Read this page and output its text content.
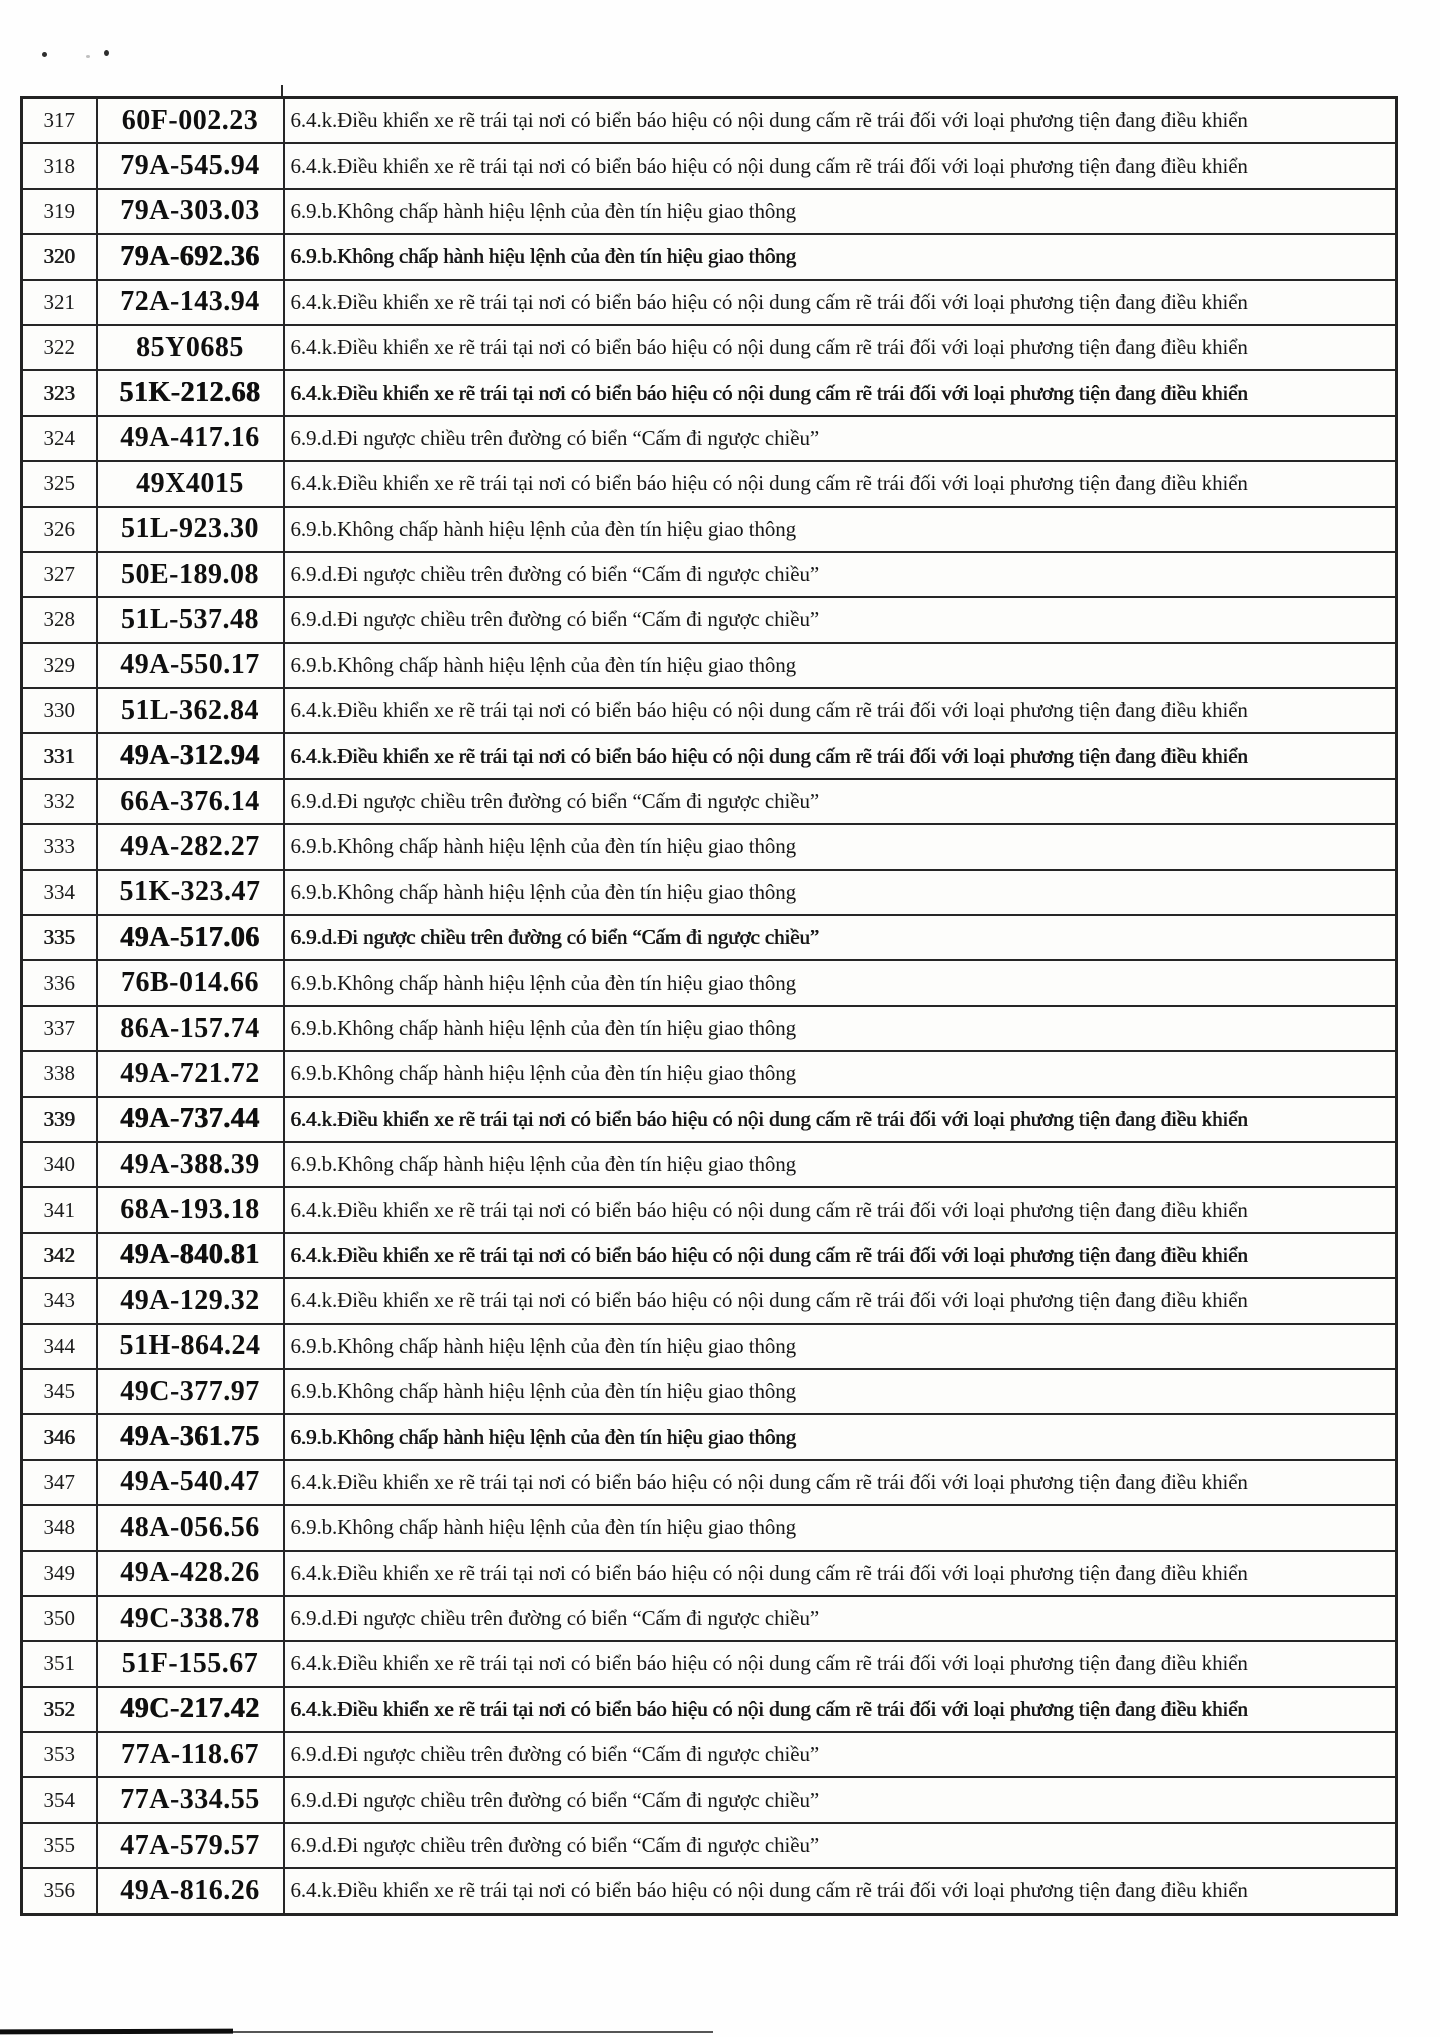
317	60F-002.23	6.4.k.Điều khiển xe rẽ trái tại nơi có biển báo hiệu có nội dung cấm rẽ trái đối với loại phương tiện đang điều khiển
318	79A-545.94	6.4.k.Điều khiển xe rẽ trái tại nơi có biển báo hiệu có nội dung cấm rẽ trái đối với loại phương tiện đang điều khiển
319	79A-303.03	6.9.b.Không chấp hành hiệu lệnh của đèn tín hiệu giao thông
320	79A-692.36	6.9.b.Không chấp hành hiệu lệnh của đèn tín hiệu giao thông
321	72A-143.94	6.4.k.Điều khiển xe rẽ trái tại nơi có biển báo hiệu có nội dung cấm rẽ trái đối với loại phương tiện đang điều khiển
322	85Y0685	6.4.k.Điều khiển xe rẽ trái tại nơi có biển báo hiệu có nội dung cấm rẽ trái đối với loại phương tiện đang điều khiển
323	51K-212.68	6.4.k.Điều khiển xe rẽ trái tại nơi có biển báo hiệu có nội dung cấm rẽ trái đối với loại phương tiện đang điều khiển
324	49A-417.16	6.9.d.Đi ngược chiều trên đường có biển “Cấm đi ngược chiều”
325	49X4015	6.4.k.Điều khiển xe rẽ trái tại nơi có biển báo hiệu có nội dung cấm rẽ trái đối với loại phương tiện đang điều khiển
326	51L-923.30	6.9.b.Không chấp hành hiệu lệnh của đèn tín hiệu giao thông
327	50E-189.08	6.9.d.Đi ngược chiều trên đường có biển “Cấm đi ngược chiều”
328	51L-537.48	6.9.d.Đi ngược chiều trên đường có biển “Cấm đi ngược chiều”
329	49A-550.17	6.9.b.Không chấp hành hiệu lệnh của đèn tín hiệu giao thông
330	51L-362.84	6.4.k.Điều khiển xe rẽ trái tại nơi có biển báo hiệu có nội dung cấm rẽ trái đối với loại phương tiện đang điều khiển
331	49A-312.94	6.4.k.Điều khiển xe rẽ trái tại nơi có biển báo hiệu có nội dung cấm rẽ trái đối với loại phương tiện đang điều khiển
332	66A-376.14	6.9.d.Đi ngược chiều trên đường có biển “Cấm đi ngược chiều”
333	49A-282.27	6.9.b.Không chấp hành hiệu lệnh của đèn tín hiệu giao thông
334	51K-323.47	6.9.b.Không chấp hành hiệu lệnh của đèn tín hiệu giao thông
335	49A-517.06	6.9.d.Đi ngược chiều trên đường có biển “Cấm đi ngược chiều”
336	76B-014.66	6.9.b.Không chấp hành hiệu lệnh của đèn tín hiệu giao thông
337	86A-157.74	6.9.b.Không chấp hành hiệu lệnh của đèn tín hiệu giao thông
338	49A-721.72	6.9.b.Không chấp hành hiệu lệnh của đèn tín hiệu giao thông
339	49A-737.44	6.4.k.Điều khiển xe rẽ trái tại nơi có biển báo hiệu có nội dung cấm rẽ trái đối với loại phương tiện đang điều khiển
340	49A-388.39	6.9.b.Không chấp hành hiệu lệnh của đèn tín hiệu giao thông
341	68A-193.18	6.4.k.Điều khiển xe rẽ trái tại nơi có biển báo hiệu có nội dung cấm rẽ trái đối với loại phương tiện đang điều khiển
342	49A-840.81	6.4.k.Điều khiển xe rẽ trái tại nơi có biển báo hiệu có nội dung cấm rẽ trái đối với loại phương tiện đang điều khiển
343	49A-129.32	6.4.k.Điều khiển xe rẽ trái tại nơi có biển báo hiệu có nội dung cấm rẽ trái đối với loại phương tiện đang điều khiển
344	51H-864.24	6.9.b.Không chấp hành hiệu lệnh của đèn tín hiệu giao thông
345	49C-377.97	6.9.b.Không chấp hành hiệu lệnh của đèn tín hiệu giao thông
346	49A-361.75	6.9.b.Không chấp hành hiệu lệnh của đèn tín hiệu giao thông
347	49A-540.47	6.4.k.Điều khiển xe rẽ trái tại nơi có biển báo hiệu có nội dung cấm rẽ trái đối với loại phương tiện đang điều khiển
348	48A-056.56	6.9.b.Không chấp hành hiệu lệnh của đèn tín hiệu giao thông
349	49A-428.26	6.4.k.Điều khiển xe rẽ trái tại nơi có biển báo hiệu có nội dung cấm rẽ trái đối với loại phương tiện đang điều khiển
350	49C-338.78	6.9.d.Đi ngược chiều trên đường có biển “Cấm đi ngược chiều”
351	51F-155.67	6.4.k.Điều khiển xe rẽ trái tại nơi có biển báo hiệu có nội dung cấm rẽ trái đối với loại phương tiện đang điều khiển
352	49C-217.42	6.4.k.Điều khiển xe rẽ trái tại nơi có biển báo hiệu có nội dung cấm rẽ trái đối với loại phương tiện đang điều khiển
353	77A-118.67	6.9.d.Đi ngược chiều trên đường có biển “Cấm đi ngược chiều”
354	77A-334.55	6.9.d.Đi ngược chiều trên đường có biển “Cấm đi ngược chiều”
355	47A-579.57	6.9.d.Đi ngược chiều trên đường có biển “Cấm đi ngược chiều”
356	49A-816.26	6.4.k.Điều khiển xe rẽ trái tại nơi có biển báo hiệu có nội dung cấm rẽ trái đối với loại phương tiện đang điều khiển
